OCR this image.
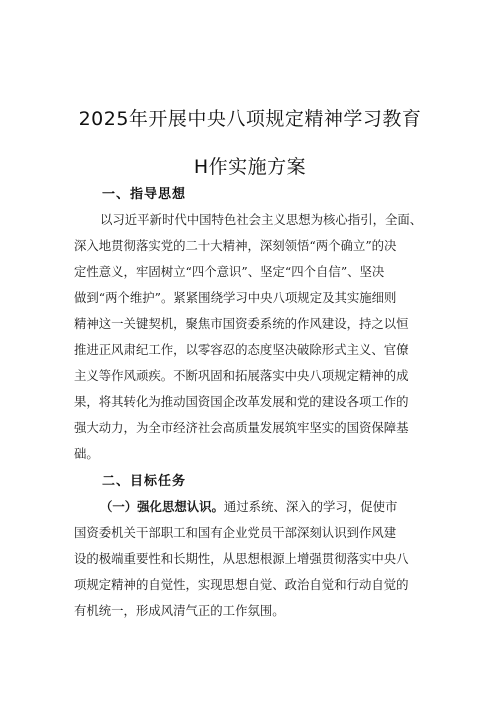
2025年开展中央八项规定精神学习教育
H作实施方案
一、指导思想

以习近平新时代中国特色社会主义思想为核心指引，全面、

深入地贯彻落实党的二十大精神，深刻领悟“两个确立”的决

定性意义，牢固树立“四个意识”、坚定“四个自信”、坚决

做到“两个维护”。紧紧围绕学习中央八项规定及其实施细则

精神这一关键契机，聚焦市国资委系统的作风建设，持之以恒

推进正风肃纪工作，以零容忍的态度坚决破除形式主义、官僚

主义等作风顽疾。不断巩固和拓展落实中央八项规定精神的成

果，将其转化为推动国资国企改革发展和党的建设各项工作的

强大动力，为全市经济社会高质量发展筑牢坚实的国资保障基

础。

二、目标任务

（一）强化思想认识。通过系统、深入的学习，促使市

国资委机关干部职工和国有企业党员干部深刻认识到作风建

设的极端重要性和长期性，从思想根源上增强贯彻落实中央八

项规定精神的自觉性，实现思想自觉、政治自觉和行动自觉的

有机统一，形成风清气正的工作氛围。
